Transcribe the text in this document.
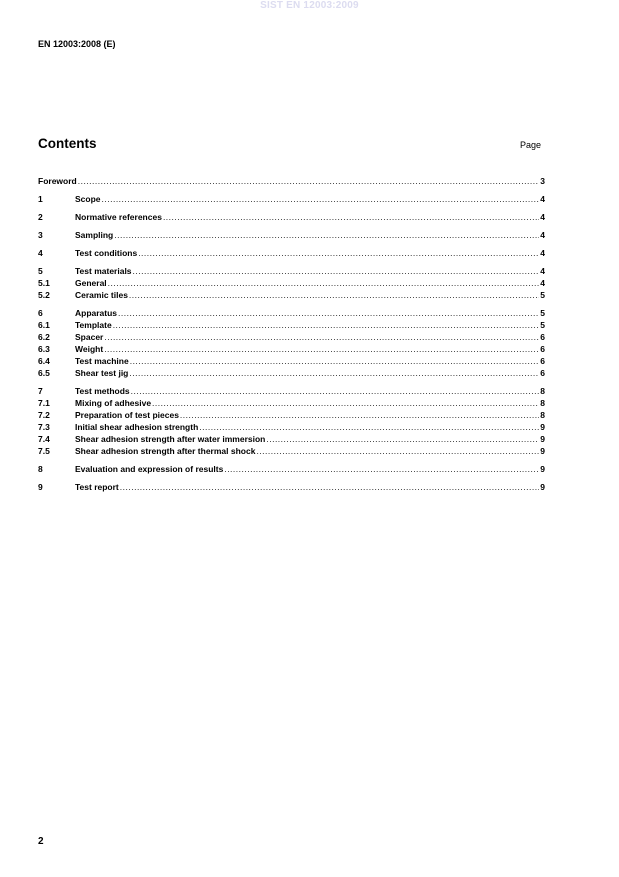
SIST EN 12003:2009
EN 12003:2008 (E)
Contents	Page
Foreword .....	3
1	Scope .....	4
2	Normative references .....	4
3	Sampling .....	4
4	Test conditions .....	4
5	Test materials .....	4
5.1	General .....	4
5.2	Ceramic tiles .....	5
6	Apparatus .....	5
6.1	Template .....	5
6.2	Spacer .....	6
6.3	Weight .....	6
6.4	Test machine .....	6
6.5	Shear test jig .....	6
7	Test methods .....	8
7.1	Mixing of adhesive .....	8
7.2	Preparation of test pieces .....	8
7.3	Initial shear adhesion strength .....	9
7.4	Shear adhesion strength after water immersion .....	9
7.5	Shear adhesion strength after thermal shock .....	9
8	Evaluation and expression of results .....	9
9	Test report .....	9
2
